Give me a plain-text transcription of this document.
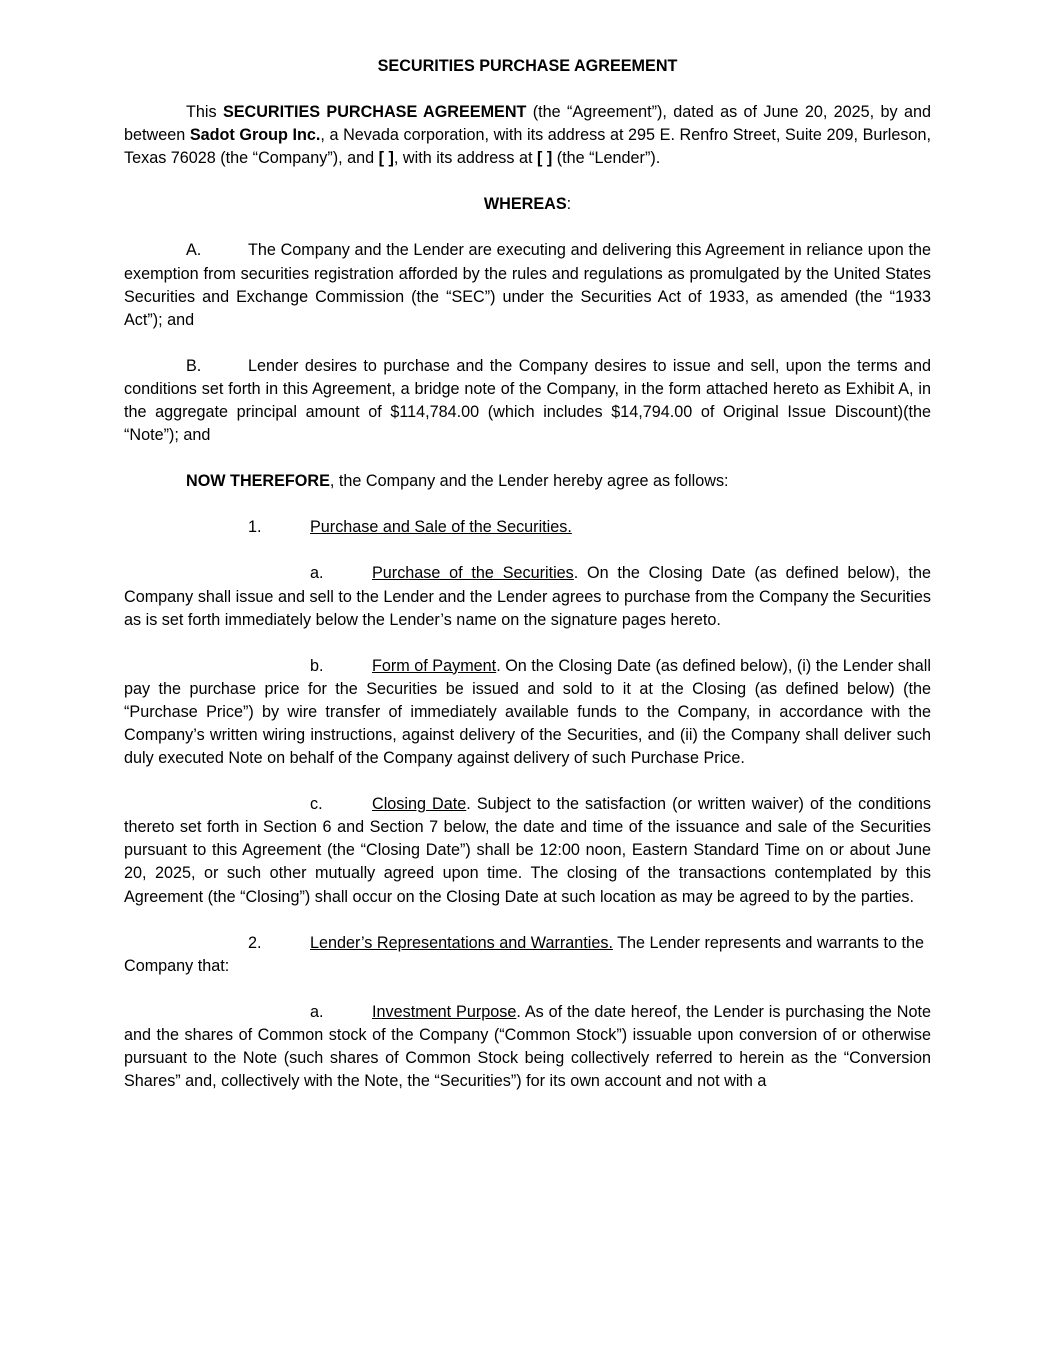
SECURITIES PURCHASE AGREEMENT

This SECURITIES PURCHASE AGREEMENT (the “Agreement”), dated as of June 20, 2025, by and between Sadot Group Inc., a Nevada corporation, with its address at 295 E. Renfro Street, Suite 209, Burleson, Texas 76028 (the “Company”), and [ ], with its address at [ ] (the “Lender”).

WHEREAS:

A.	The Company and the Lender are executing and delivering this Agreement in reliance upon the exemption from securities registration afforded by the rules and regulations as promulgated by the United States Securities and Exchange Commission (the “SEC”) under the Securities Act of 1933, as amended (the “1933 Act”); and

B.	Lender desires to purchase and the Company desires to issue and sell, upon the terms and conditions set forth in this Agreement, a bridge note of the Company, in the form attached hereto as Exhibit A, in the aggregate principal amount of $114,784.00 (which includes $14,794.00 of Original Issue Discount)(the “Note”); and

NOW THEREFORE, the Company and the Lender hereby agree as follows:

1.	Purchase and Sale of the Securities.

a.	Purchase of the Securities. On the Closing Date (as defined below), the Company shall issue and sell to the Lender and the Lender agrees to purchase from the Company the Securities as is set forth immediately below the Lender’s name on the signature pages hereto.

b.	Form of Payment. On the Closing Date (as defined below), (i) the Lender shall pay the purchase price for the Securities be issued and sold to it at the Closing (as defined below) (the “Purchase Price”) by wire transfer of immediately available funds to the Company, in accordance with the Company’s written wiring instructions, against delivery of the Securities, and (ii) the Company shall deliver such duly executed Note on behalf of the Company against delivery of such Purchase Price.

c.	Closing Date. Subject to the satisfaction (or written waiver) of the conditions thereto set forth in Section 6 and Section 7 below, the date and time of the issuance and sale of the Securities pursuant to this Agreement (the “Closing Date”) shall be 12:00 noon, Eastern Standard Time on or about June 20, 2025, or such other mutually agreed upon time. The closing of the transactions contemplated by this Agreement (the “Closing”) shall occur on the Closing Date at such location as may be agreed to by the parties.

2.	Lender’s Representations and Warranties. The Lender represents and warrants to the Company that:

a.	Investment Purpose. As of the date hereof, the Lender is purchasing the Note and the shares of Common stock of the Company (“Common Stock”) issuable upon conversion of or otherwise pursuant to the Note (such shares of Common Stock being collectively referred to herein as the “Conversion Shares” and, collectively with the Note, the “Securities”) for its own account and not with a
